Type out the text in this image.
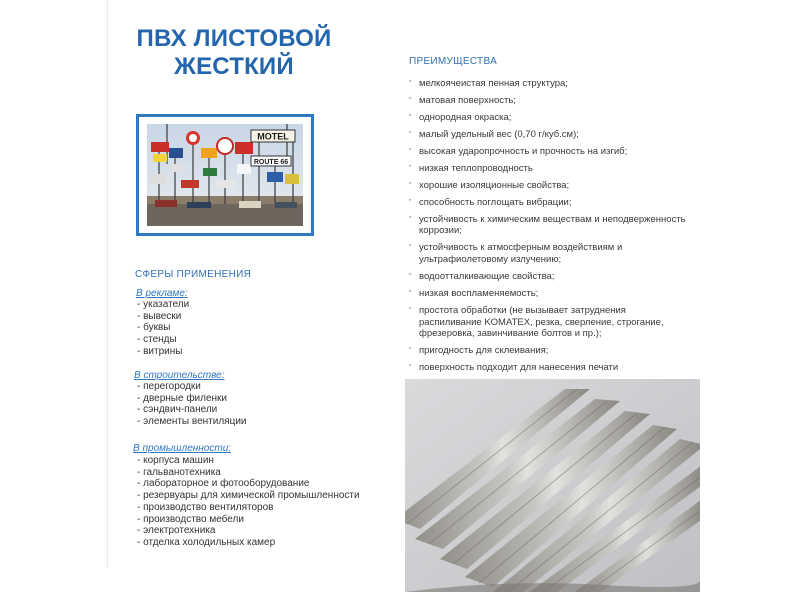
ПВХ ЛИСТОВОЙ
ЖЕСТКИЙ
MOTEL
ROUTE 66
СФЕРЫ ПРИМЕНЕНИЯ
В рекламе:
- указатели
- вывески
- буквы
- стенды
- витрины
В строительстве:
- перегородки
- дверные филенки
- сэндвич-панели
- элементы вентиляции
В промышленности:
- корпуса машин
- гальванотехника
- лабораторное и фотооборудование
- резервуары для химической промышленности
- производство вентиляторов
- производство мебели
- электротехника
- отделка холодильных камер
ПРЕИМУЩЕСТВА
· мелкоячеистая пенная структура;
· матовая поверхность;
· однородная окраска;
· малый удельный вес (0,70 г/куб.см);
· высокая ударопрочность и прочность на изгиб;
· низкая теплопроводность
· хорошие изоляционные свойства;
· способность поглощать вибрации;
· устойчивость к химическим веществам и неподверженность коррозии;
· устойчивость к атмосферным воздействиям и ультрафиолетовому излучению;
· водоотталкивающие свойства;
· низкая воспламеняемость;
· простота обработки (не вызывает затруднения распиливание KOMATEX, резка, сверление, строгание, фрезеровка, завинчивание болтов и пр.);
· пригодность для склеивания;
· поверхность подходит для нанесения печати
